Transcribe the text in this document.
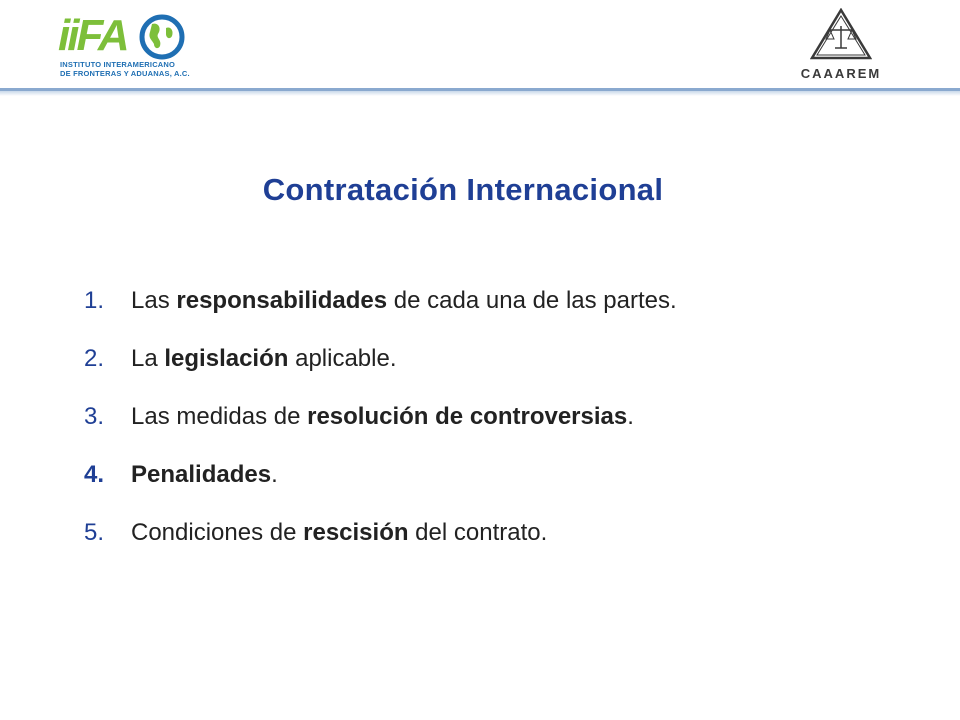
iiFA
INSTITUTO INTERAMERICANO
DE FRONTERAS Y ADUANAS, A.C.	CAAAREM
Contratación Internacional
1.	Las responsabilidades de cada una de las partes.
2.	La legislación aplicable.
3.	Las medidas de resolución de controversias.
4.	Penalidades.
5.	Condiciones de rescisión del contrato.
